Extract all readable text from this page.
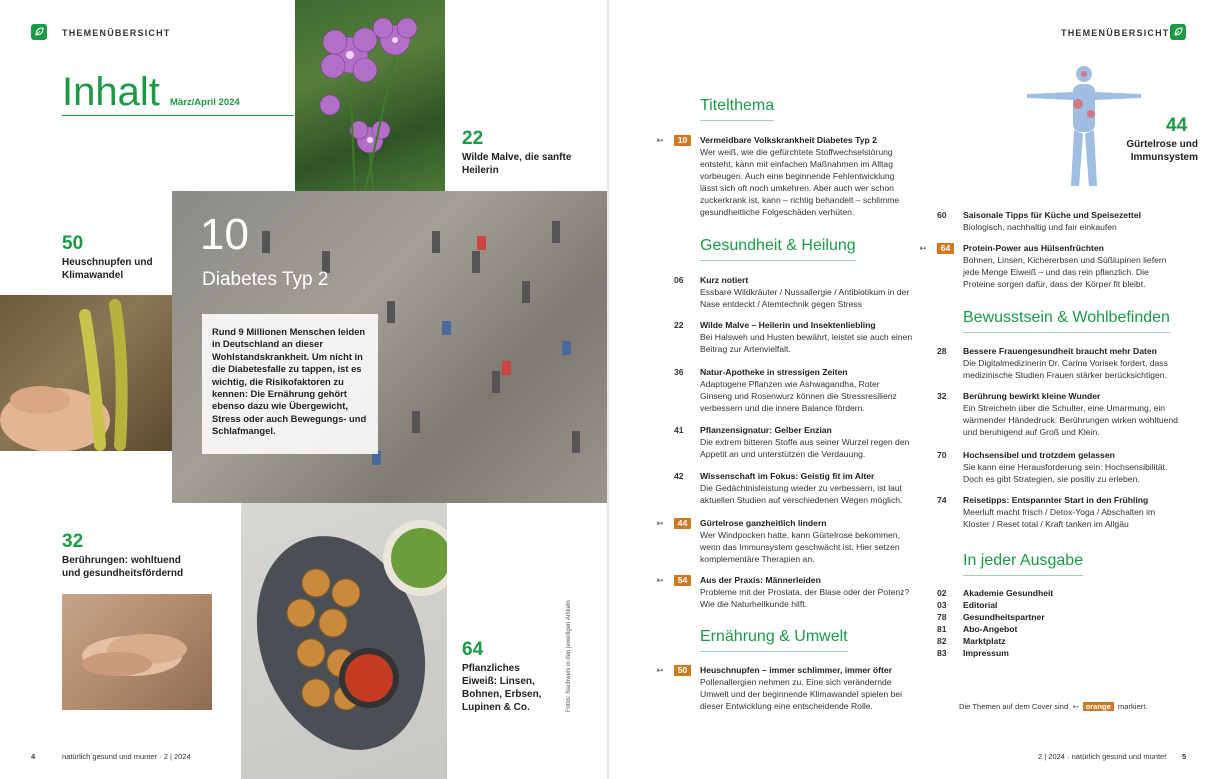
THEMENÜBERSICHT
Inhalt März/April 2024
22
Wilde Malve, die sanfte Heilerin
50
Heuschnupfen und Klimawandel
10
Diabetes Typ 2
Rund 9 Millionen Menschen leiden in Deutschland an dieser Wohlstandskrankheit. Um nicht in die Diabetesfalle zu tappen, ist es wichtig, die Risikofaktoren zu kennen: Die Ernährung gehört ebenso dazu wie Übergewicht, Stress oder auch Bewegungs- und Schlafmangel.
32
Berührungen: wohltuend und gesundheitsfördernd
Fotos: Nachweis in den jeweiligen Artikeln
64
Pflanzliches Eiweiß: Linsen, Bohnen, Erbsen, Lupinen & Co.
4	natürlich gesund und munter · 2 | 2024
THEMENÜBERSICHT
44
Gürtelrose und Immunsystem
Titelthema
➳	10	Vermeidbare Volkskrankheit Diabetes Typ 2
Wer weiß, wie die gefürchtete Stoffwechselstörung entsteht, kann mit einfachen Maßnahmen im Alltag vorbeugen. Auch eine beginnende Fehlentwicklung lässt sich oft noch umkehren. Aber auch wer schon zuckerkrank ist, kann – richtig behandelt – schlimme gesundheitliche Folgeschäden verhüten.
Gesundheit & Heilung
06	Kurz notiert
Essbare Wildkräuter / Nussallergie / Antibiotikum in der Nase entdeckt / Atemtechnik gegen Stress
22	Wilde Malve – Heilerin und Insektenliebling
Bei Halsweh und Husten bewährt, leistet sie auch einen Beitrag zur Artenvielfalt.
36	Natur-Apotheke in stressigen Zeiten
Adaptogene Pflanzen wie Ashwagandha, Roter Ginseng und Rosenwurz können die Stressresilienz verbessern und die innere Balance fördern.
41	Pflanzensignatur: Gelber Enzian
Die extrem bitteren Stoffe aus seiner Wurzel regen den Appetit an und unterstützen die Verdauung.
42	Wissenschaft im Fokus: Geistig fit im Alter
Die Gedächtnisleistung wieder zu verbessern, ist laut aktuellen Studien auf verschiedenen Wegen möglich.
➳	44	Gürtelrose ganzheitlich lindern
Wer Windpocken hatte, kann Gürtelrose bekommen, wenn das Immunsystem geschwächt ist. Hier setzen komplementäre Therapien an.
➳	54	Aus der Praxis: Männerleiden
Probleme mit der Prostata, der Blase oder der Potenz? Wie die Naturheilkunde hilft.
Ernährung & Umwelt
➳	50	Heuschnupfen – immer schlimmer, immer öfter
Pollenallergien nehmen zu. Eine sich verändernde Umwelt und der beginnende Klimawandel spielen bei dieser Entwicklung eine entscheidende Rolle.
60	Saisonale Tipps für Küche und Speisezettel
Biologisch, nachhaltig und fair einkaufen
➳	64	Protein-Power aus Hülsenfrüchten
Bohnen, Linsen, Kichererbsen und Süßlupinen liefern jede Menge Eiweiß – und das rein pflanzlich. Die Proteine sorgen dafür, dass der Körper fit bleibt.
Bewusstsein & Wohlbefinden
28	Bessere Frauengesundheit braucht mehr Daten
Die Digitalmedizinerin Dr. Carina Vorisek fordert, dass medizinische Studien Frauen stärker berücksichtigen.
32	Berührung bewirkt kleine Wunder
Ein Streicheln über die Schulter, eine Umarmung, ein wärmender Händedruck: Berührungen wirken wohltuend und beruhigend auf Groß und Klein.
70	Hochsensibel und trotzdem gelassen
Sie kann eine Herausforderung sein: Hochsensibilität. Doch es gibt Strategien, sie positiv zu erleben.
74	Reisetipps: Entspannter Start in den Frühling
Meerluft macht frisch / Detox-Yoga / Abschalten im Kloster / Reset total / Kraft tanken im Allgäu
In jeder Ausgabe
02	Akademie Gesundheit
03	Editorial
78	Gesundheitspartner
81	Abo-Angebot
82	Marktplatz
83	Impressum
Die Themen auf dem Cover sind ➳ orange markiert.
2 | 2024 · natürlich gesund und munter 5
